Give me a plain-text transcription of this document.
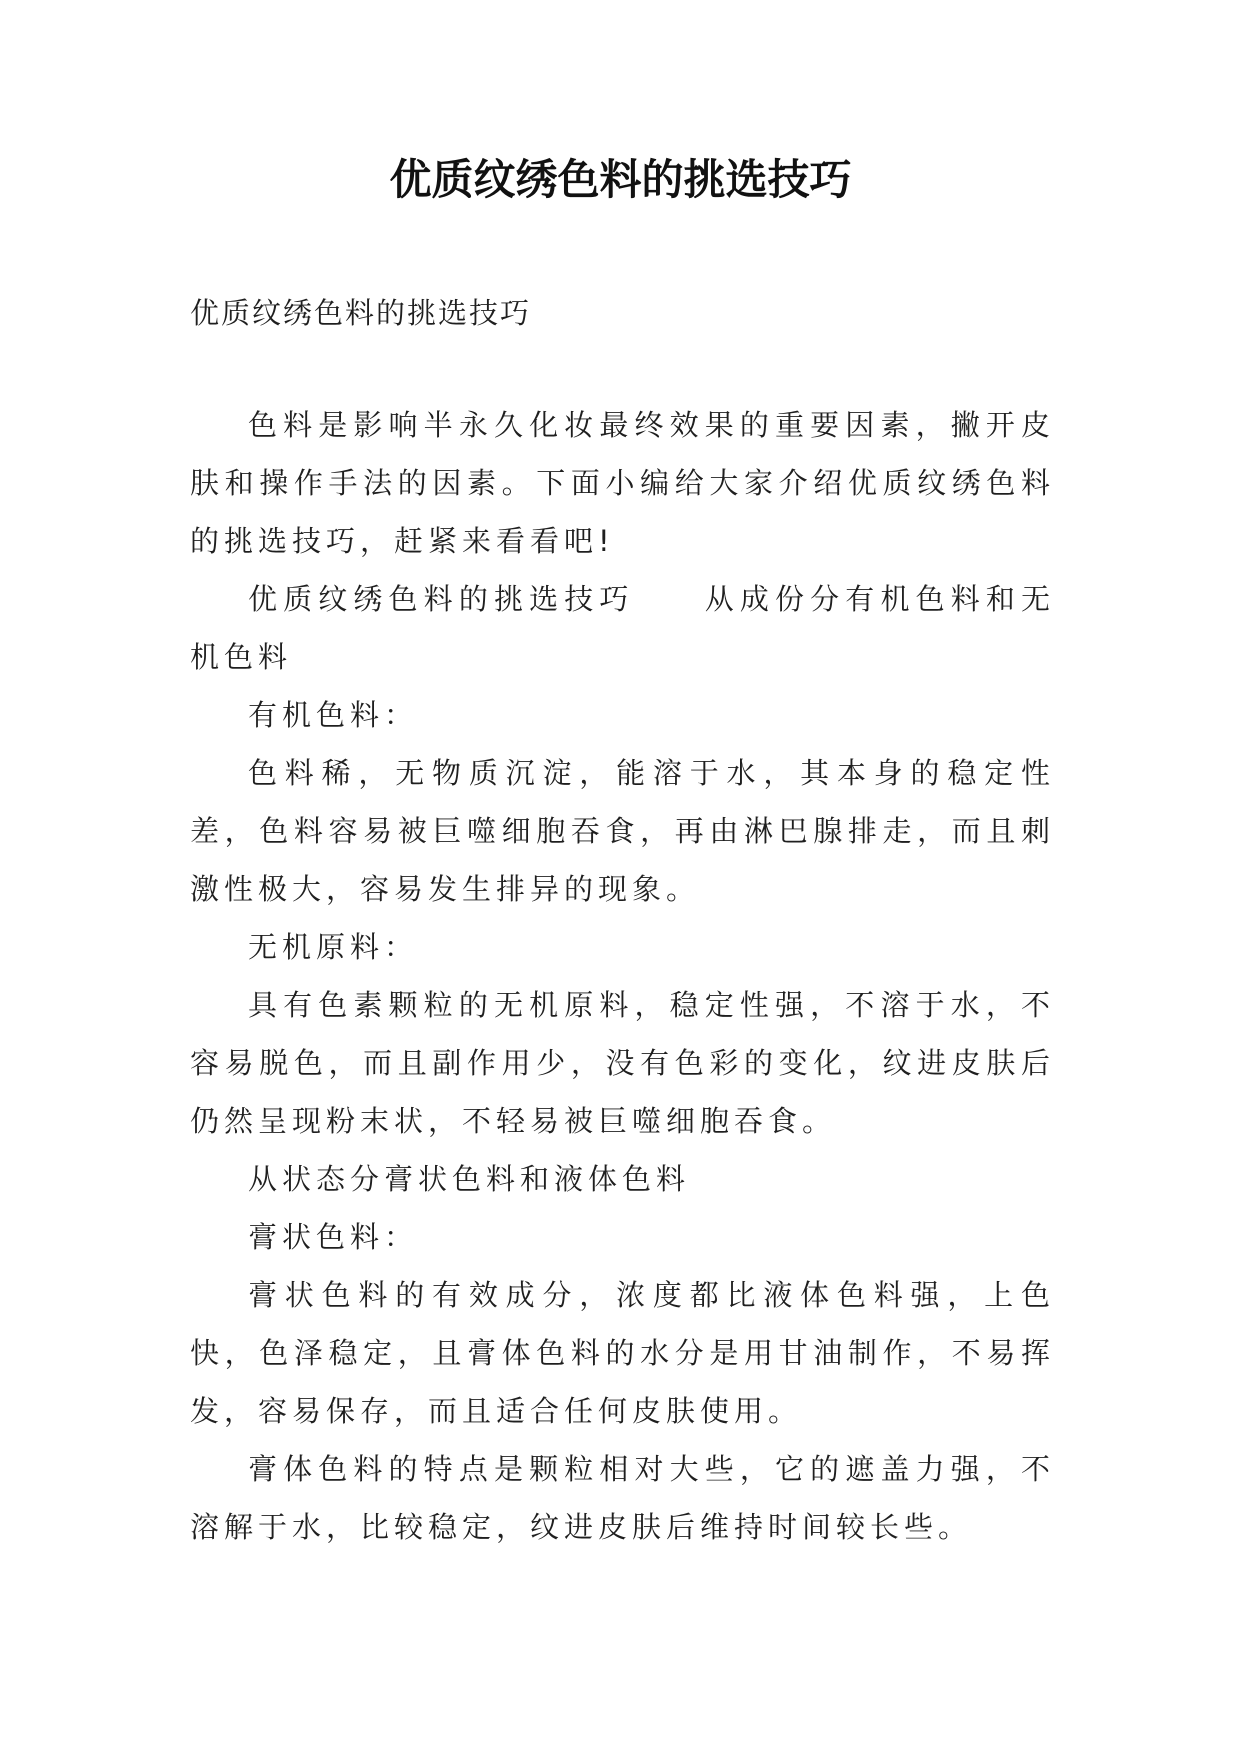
优质纹绣色料的挑选技巧

优质纹绣色料的挑选技巧

色料是影响半永久化妆最终效果的重要因素，撇开皮肤和操作手法的因素。下面小编给大家介绍优质纹绣色料的挑选技巧，赶紧来看看吧!

优质纹绣色料的挑选技巧　　从成份分有机色料和无机色料

有机色料：

色料稀，无物质沉淀，能溶于水，其本身的稳定性差，色料容易被巨噬细胞吞食，再由淋巴腺排走，而且刺激性极大，容易发生排异的现象。

无机原料：

具有色素颗粒的无机原料，稳定性强，不溶于水，不容易脱色，而且副作用少，没有色彩的变化，纹进皮肤后仍然呈现粉末状，不轻易被巨噬细胞吞食。

从状态分膏状色料和液体色料

膏状色料：

膏状色料的有效成分，浓度都比液体色料强，上色快，色泽稳定，且膏体色料的水分是用甘油制作，不易挥发，容易保存，而且适合任何皮肤使用。

膏体色料的特点是颗粒相对大些，它的遮盖力强，不溶解于水，比较稳定，纹进皮肤后维持时间较长些。
